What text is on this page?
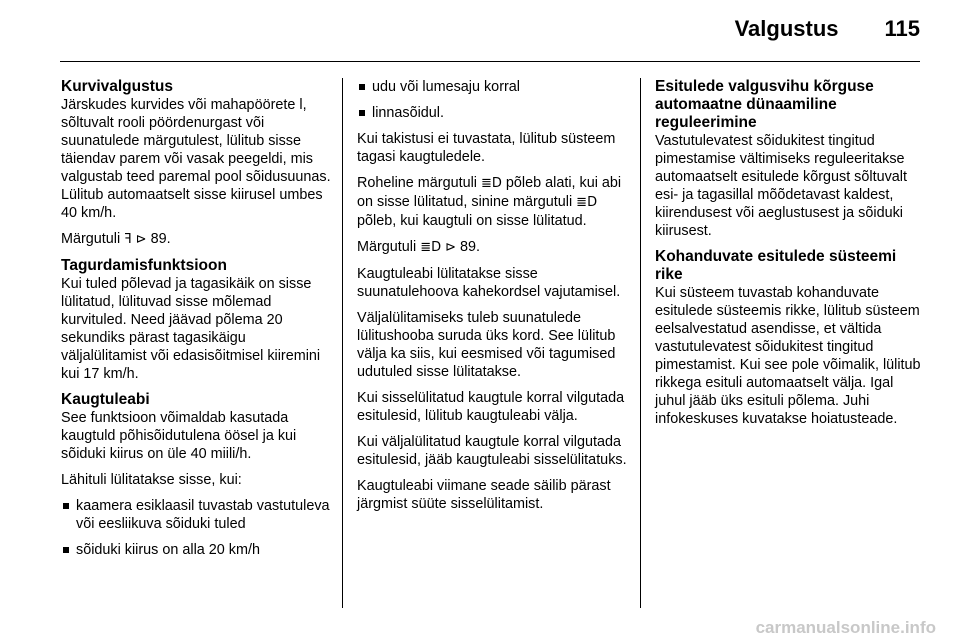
Valgustus 115
Kurvivalgustus

Järskudes kurvides või mahapöörete l, sõltuvalt rooli pöördenurgast või suunatulede märgutulest, lülitub sisse täiendav parem või vasak peegeldi, mis valgustab teed paremal pool sõidusuunas. Lülitub automaatselt sisse kiirusel umbes 40 km/h.

Märgutuli ꟻ ⊳ 89.

Tagurdamisfunktsioon

Kui tuled põlevad ja tagasikäik on sisse lülitatud, lülituvad sisse mõlemad kurvituled. Need jäävad põlema 20 sekundiks pärast tagasikäigu väljalülitamist või edasisõitmisel kiiremini kui 17 km/h.

Kaugtuleabi

See funktsioon võimaldab kasutada kaugtuld põhisõidutulena öösel ja kui sõiduki kiirus on üle 40 miili/h.

Lähituli lülitatakse sisse, kui:

kaamera esiklaasil tuvastab vastutuleva või eesliikuva sõiduki tuled
sõiduki kiirus on alla 20 km/h
udu või lumesaju korral
linnasõidul.

Kui takistusi ei tuvastata, lülitub süsteem tagasi kaugtuledele.

Roheline märgutuli ≣D põleb alati, kui abi on sisse lülitatud, sinine märgutuli ≣D põleb, kui kaugtuli on sisse lülitatud.

Märgutuli ≣D ⊳ 89.

Kaugtuleabi lülitatakse sisse suunatulehoova kahekordsel vajutamisel.

Väljalülitamiseks tuleb suunatulede lülitushooba suruda üks kord. See lülitub välja ka siis, kui eesmised või tagumised udutuled sisse lülitatakse.

Kui sisselülitatud kaugtule korral vilgutada esitulesid, lülitub kaugtuleabi välja.

Kui väljalülitatud kaugtule korral vilgutada esitulesid, jääb kaugtuleabi sisselülitatuks.

Kaugtuleabi viimane seade säilib pärast järgmist süüte sisselülitamist.

Esitulede valgusvihu kõrguse automaatne dünaamiline reguleerimine

Vastutulevatest sõidukitest tingitud pimestamise vältimiseks reguleeritakse automaatselt esitulede kõrgust sõltuvalt esi- ja tagasillal mõõdetavast kaldest, kiirendusest või aeglustusest ja sõiduki kiirusest.

Kohanduvate esitulede süsteemi rike

Kui süsteem tuvastab kohanduvate esitulede süsteemis rikke, lülitub süsteem eelsalvestatud asendisse, et vältida vastutulevatest sõidukitest tingitud pimestamist. Kui see pole võimalik, lülitub rikkega esituli automaatselt välja. Igal juhul jääb üks esituli põlema. Juhi infokeskuses kuvatakse hoiatusteade.

carmanualsonline.info
